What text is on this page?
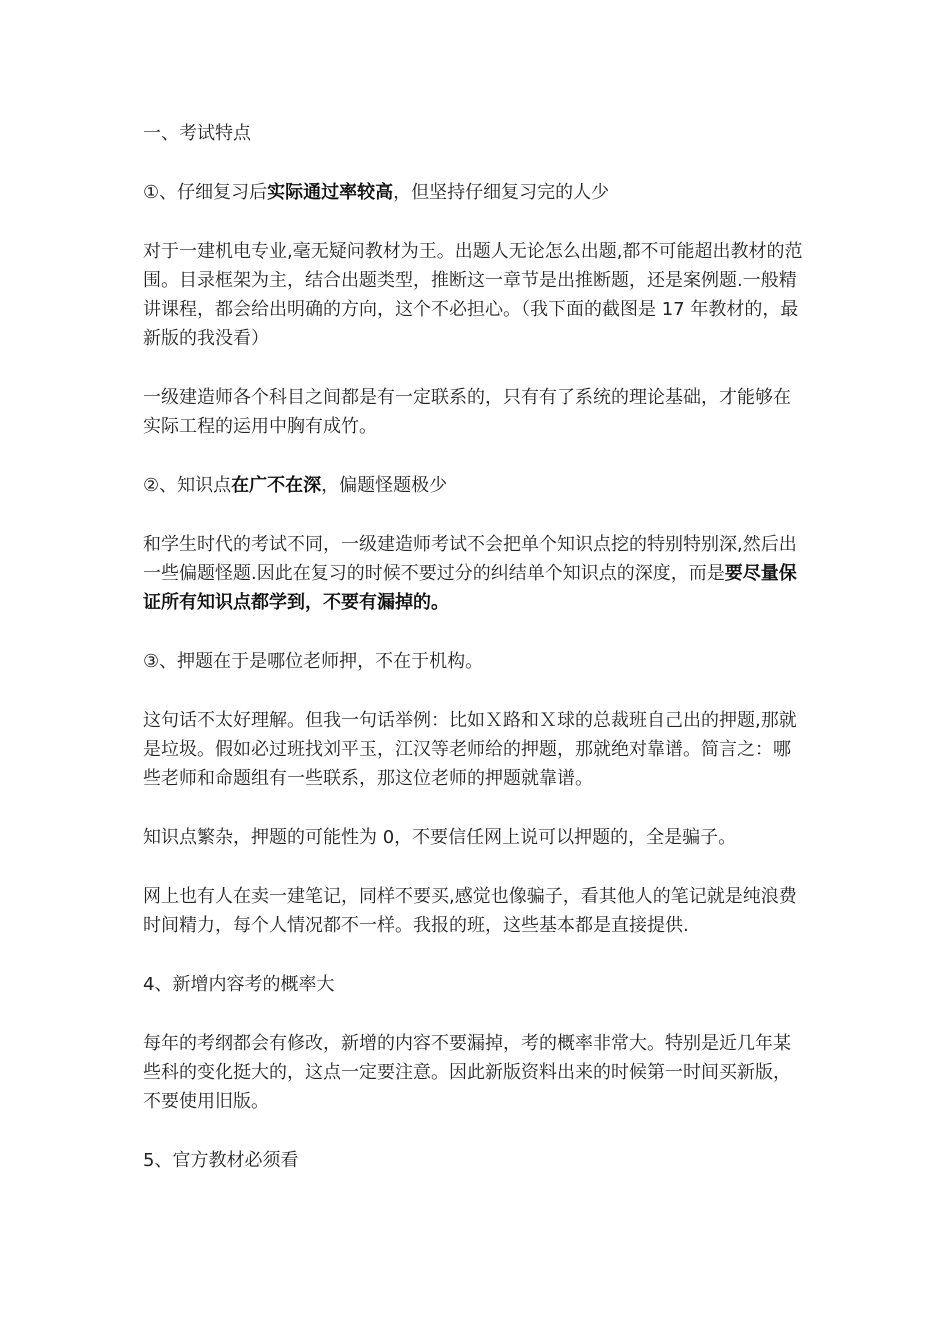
一、考试特点

①、仔细复习后实际通过率较高，但坚持仔细复习完的人少

对于一建机电专业,毫无疑问教材为王。出题人无论怎么出题,都不可能超出教材的范围。目录框架为主，结合出题类型，推断这一章节是出推断题，还是案例题.一般精讲课程，都会给出明确的方向，这个不必担心。（我下面的截图是 17 年教材的，最新版的我没看）

一级建造师各个科目之间都是有一定联系的，只有有了系统的理论基础，才能够在实际工程的运用中胸有成竹。

②、知识点在广不在深，偏题怪题极少

和学生时代的考试不同，一级建造师考试不会把单个知识点挖的特别特别深,然后出一些偏题怪题.因此在复习的时候不要过分的纠结单个知识点的深度，而是要尽量保证所有知识点都学到，不要有漏掉的。

③、押题在于是哪位老师押，不在于机构。

这句话不太好理解。但我一句话举例：比如Ｘ路和Ｘ球的总裁班自己出的押题,那就是垃圾。假如必过班找刘平玉，江汉等老师给的押题，那就绝对靠谱。简言之：哪些老师和命题组有一些联系，那这位老师的押题就靠谱。

知识点繁杂，押题的可能性为 0，不要信任网上说可以押题的，全是骗子。

网上也有人在卖一建笔记，同样不要买,感觉也像骗子，看其他人的笔记就是纯浪费时间精力，每个人情况都不一样。我报的班，这些基本都是直接提供.

4、新增内容考的概率大

每年的考纲都会有修改，新增的内容不要漏掉，考的概率非常大。特别是近几年某些科的变化挺大的，这点一定要注意。因此新版资料出来的时候第一时间买新版，不要使用旧版。

5、官方教材必须看
